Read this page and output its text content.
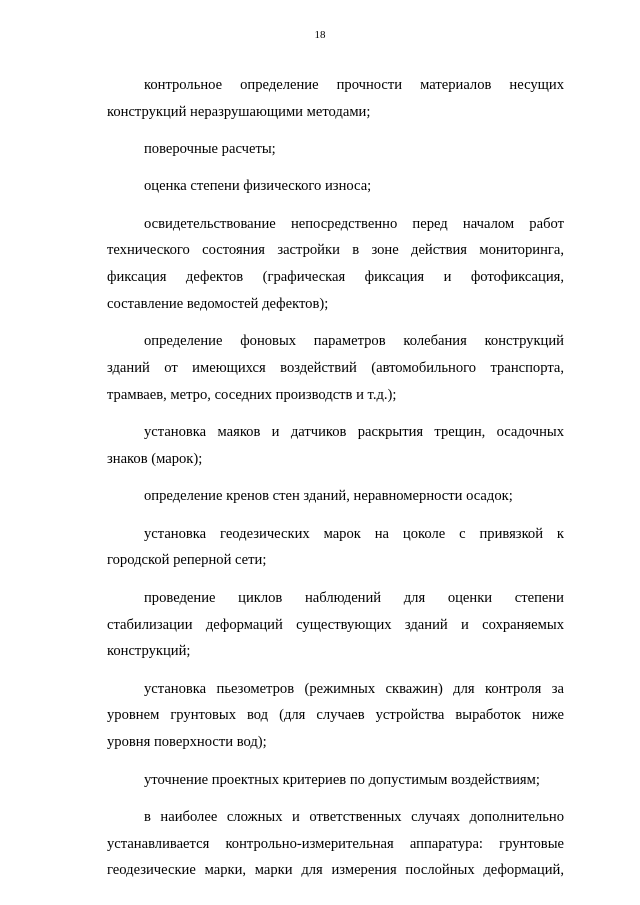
18
контрольное определение прочности материалов несущих
конструкций неразрушающими методами;
поверочные расчеты;
оценка степени физического износа;
освидетельствование непосредственно перед началом работ
технического состояния застройки в зоне действия мониторинга,
фиксация дефектов (графическая фиксация и фотофиксация,
составление ведомостей дефектов);
определение фоновых параметров колебания конструкций
зданий от имеющихся воздействий (автомобильного транспорта,
трамваев, метро, соседних производств и т.д.);
установка маяков и датчиков раскрытия трещин, осадочных
знаков (марок);
определение кренов стен зданий, неравномерности осадок;
установка геодезических марок на цоколе с привязкой к
городской реперной сети;
проведение циклов наблюдений для оценки степени
стабилизации деформаций существующих зданий и сохраняемых
конструкций;
установка пьезометров (режимных скважин) для контроля за
уровнем грунтовых вод (для случаев устройства выработок ниже
уровня поверхности вод);
уточнение проектных критериев по допустимым воздействиям;
в наиболее сложных и ответственных случаях дополнительно
устанавливается контрольно-измерительная аппаратура: грунтовые
геодезические марки, марки для измерения послойных деформаций,
